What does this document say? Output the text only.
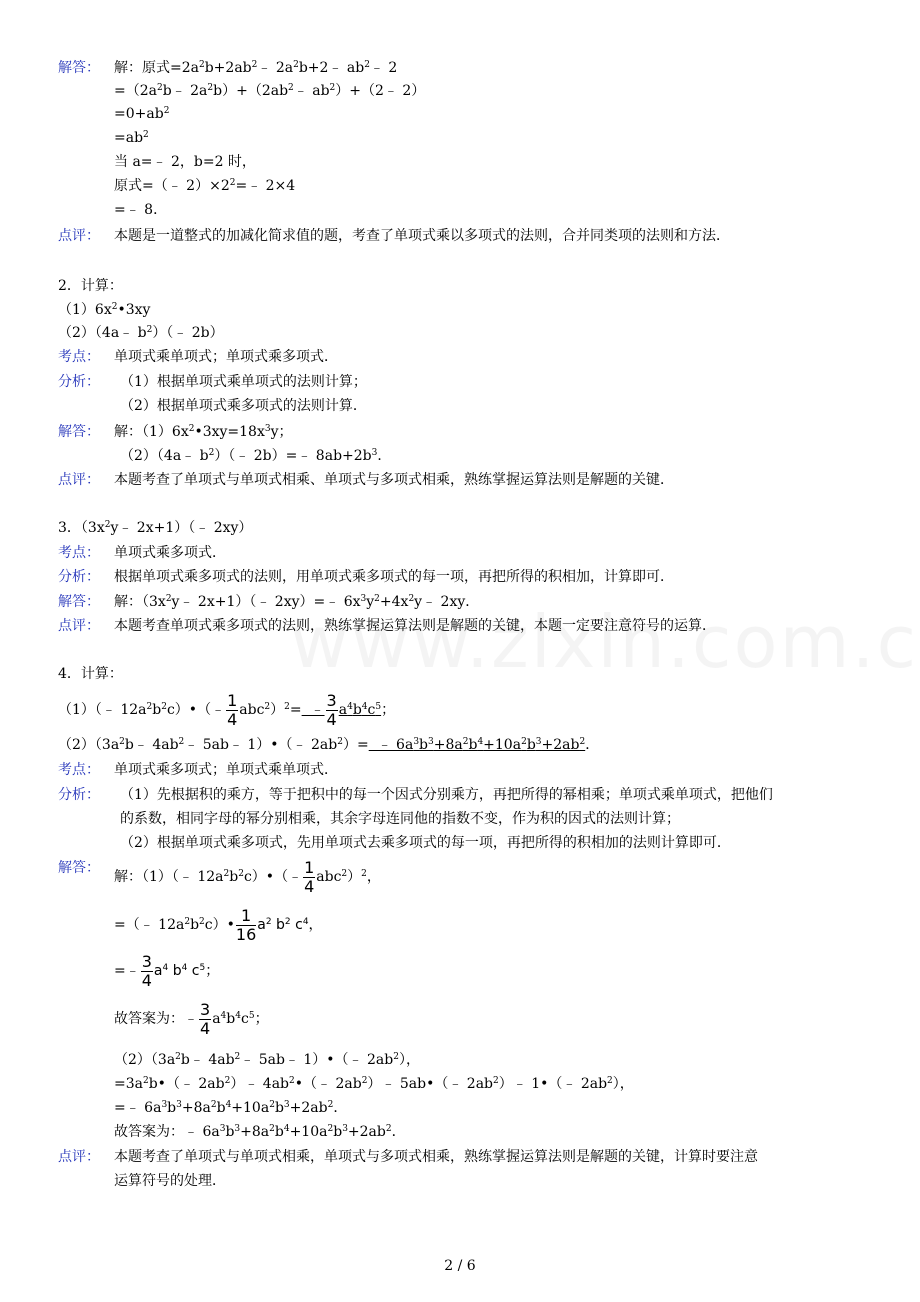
解答： 解：原式$=2a^2b+2ab^2﹣$ $2a^2b+2﹣$ $ab^2﹣$ 2
$=(2a^2b﹣$ $2a^2b)+(2ab^2﹣$ $ab^2)+(2﹣$ 2）
$=0+ab^2$
$=ab^2$
当 a=﹣ 2，b=2 时，
原式=（﹣ $2)\times 2^2=﹣$ 2×4
=﹣ 8．
点评： 本题是一道整式的加减化简求值的题，考查了单项式乘以多项式的法则，合并同类项的法则和方法．
2．计算：
$(1)6x^2•3xy$
（2）（4a﹣ $b^2)(﹣$ 2b）
考点： 单项式乘单项式；单项式乘多项式．
分析： （1）根据单项式乘单项式的法则计算；
（2）根据单项式乘多项式的法则计算．
解答： 解：$(1)6x^2•3xy=18x^3y$；
（2）（4a﹣ $b^2)(﹣$ 2b）=﹣ $8ab+2b^3$．
点评： 本题考查了单项式与单项式相乘、单项式与多项式相乘，熟练掌握运算法则是解题的关键．
3．（$3x^2y﹣$ 2x+1）（﹣ 2xy）
考点： 单项式乘多项式．
分析： 根据单项式乘多项式的法则，用单项式乘多项式的每一项，再把所得的积相加，计算即可．
解答： 解：（$3x^2y﹣$ 2x+1）（﹣ 2xy）=﹣ $6x^3y^2+4x^2y﹣$ 2xy．
点评： 本题考查单项式乘多项式的法则，熟练掌握运算法则是解题的关键，本题一定要注意符号的运算．
4．计算：
（1）（﹣ $12a^2b^2c)•(﹣ \frac{1}{4} abc^2)^2=$  ﹣ $\frac{3}{4} a^4b^4c^5$；
$(2)(3a^2b﹣$ $4ab^2﹣$ 5ab﹣ 1）•（﹣ $2ab^2)=$  ﹣ $6a^3b^3+8a^2b^4+10a^2b^3+2ab^2$．
考点： 单项式乘多项式；单项式乘单项式．
分析： （1）先根据积的乘方，等于把积中的每一个因式分别乘方，再把所得的幂相乘；单项式乘单项式，把他们
的系数，相同字母的幂分别相乘，其余字母连同他的指数不变，作为积的因式的法则计算；
（2）根据单项式乘多项式，先用单项式去乘多项式的每一项，再把所得的积相加的法则计算即可．
解答：
解：（1）（﹣ $12a^2b^2c)•(﹣ \frac{1}{4} abc^2)^2$，
=（﹣ $12a^2b^2c)• \frac{1}{16} a^2$ $b^2$ $c^4$，
=﹣ $\frac{3}{4} a^4$ $b^4$ $c^5$；
故答案为：﹣ $\frac{3}{4} a^4b^4c^5$；
$(2)(3a^2b﹣$ $4ab^2﹣$ 5ab﹣ 1）•（﹣ $2ab^2$），
$=3a^2b•(﹣$ $2ab^2)﹣$ $4ab^2•(﹣$ $2ab^2)﹣$ 5ab•（﹣ $2ab^2)﹣$ 1•（﹣ $2ab^2$），
=﹣ $6a^3b^3+8a^2b^4+10a^2b^3+2ab^2$．
故答案为：﹣ $6a^3b^3+8a^2b^4+10a^2b^3+2ab^2$．
点评： 本题考查了单项式与单项式相乘，单项式与多项式相乘，熟练掌握运算法则是解题的关键，计算时要注意
运算符号的处理．
2 / 6
